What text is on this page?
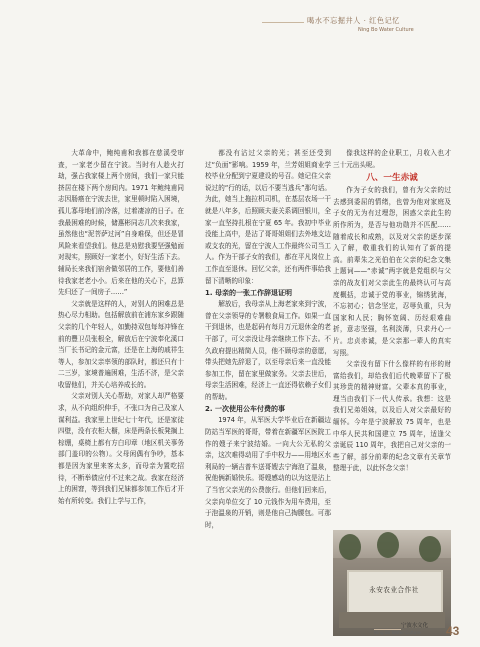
喝水不忘掘井人 · 红色记忆
Ning Bo Water Culture

大革命中，鲍纯甫和我都在慈溪受审查，一家老少留在宁波。当时有人趁火打劫，强占我家楼上两个房间，我们一家只能挤居在楼下两个房间内。1971 年鲍纯甫同志因肠癌在宁波去世，家里顿时陷入困境，孤儿寡母地们前冷落，过着凄凉的日子。在我最困难的时候，储惠彬同志几次来我家，虽然他也“泥菩萨过河”自身难保，但还是冒风险来看望我们。他总是劝慰我要坚强勉面对现实，照顾好一家老小，好好生活下去。辅局长来我们宿舍做邻居的工作，要他们善待我家老老小小。后来在他的关心下，总算先归还了一间房子……”

父亲就是这样的人，对别人的困难总是热心尽力相助。包括解放前在浦东家乡跟随父亲的几个年轻人，如勤持双包每每冲锋在前的豐卫员张根全，解放后在宁波奉化溪口当厂长书记的金元富，还是在上海的戚祥生等人，参加父亲率领的部队时，都还只有十二三岁，家境普遍困难，生活不济，是父亲收留他们，并关心培养成长的。

父亲对别人关心帮助，对家人却严格要求，从不向组织伸手，不张口为自己及家人谋利益。我家里上世纪七十年代，还是家徒四壁，没有衣柜大橱，床是两条长板凳搁上棕绷，桌椅上都有方白印章（地区机关事务部门盖印的公物）。父母闲偶有争吵，基本都是因为家里来客太多，而母亲为置吃招待，不断举债应付不过来之故。我家在经济上的困窘，等到我们兄妹都参加工作后才开始有所转变。我们上学与工作，

都没有沾过父亲的光；甚至还受到过“负面”影响。1959 年，兰芳姐姐商业学校毕业分配到宁夏建设的号召。她记住父亲说过的“行的话，以后不要当逃兵”那句话。为此，她当上拖拉机司机，在基层农场一干就是八年多，后照顾夫妻关系调回银川，全家一直坚持扎根在宁夏 65 年。我初中毕业没能上高中，是沾了哥哥姐姐们去外地支边或支农的光，留在宁波人工作最终公司当工人。作为干部子女的我们，都在平凡岗位上工作直至退休。回忆父亲，还有两件事给我留下清晰的印象：

1. 母亲的一张工作辞退证明

解放后，我母亲从上海老家来到宁波，曾在父亲领导的专署粮食局工作。如果一直干到退休，也是起码有每月万元退休金的老干部了，可父亲没让母亲继续工作下去。不久政府提出精简人员，他不顾母亲的意愿，带头把她先辞退了，以至母亲后来一直没能参加工作，留在家里做家务。父亲去世后，母亲生活困难，经济上一直还得依赖子女们的帮助。

2. 一次使用公车付费的事

1974 年，从军医大学毕业后在新疆边防站当军医的哥哥，带着在新疆军区医院工作的嫂子来宁波结婚。一向大公无私的父亲，这次难得动用了手中权力——用地区水利局的一辆吉普车送哥嫂去宁海泡了温泉，祝他俩新婚快乐。哥嫂感动的以为这是沾上了当官父亲光的公费旅行。但他们回来后，父亲向单位交了 10 元钱作为用车费用，至于泡温泉的开销，则是他自己掏腰包。可那时，

像我这样的企业职工，月收入也才三十元出头呢。

八、一生赤诚

作为子女的我们，曾有为父亲的过去感到委屈的情绪，也曾为他对家庭及子女的无为有过埋怨，困惑父亲此生的所作所为，是否与他功勋并不匹配……随着成长和成熟，以及对父亲的逐步深入了解，敬重我们的认知有了新的提高。前辈朱之光伯伯在父亲的纪念文集上题词——“赤诚”两字就是党组织与父亲的战友们对父亲此生的最终认可与高度概括，忠诚于党的事业，锦绣犹海，不忘初心；信念坚定，忍辱负重，只为国家和人民；胸怀宽阔、历经艰难曲折，意志坚强，名利淡薄，只求丹心一片。忠贞赤诚，是父亲那一辈人的真实写照。

父亲没有留下什么像样的有形的财富给我们，却给我们后代晚辈留下了极其珍贵的精神财富。父辈本真的事业，理当由我们下一代人传承。我想：这是我们兄弟姐妹，以及后人对父亲最好的缅怀。今年是宁波解放 75 周年，也是中华人民共和国建立 75 周年，适逢父亲诞辰 110 周年，我把自己对父亲的一些了解，部分前辈的纪念文章有关章节整理于此，以此怀念父亲！

永安农业合作社
宁波水文化
Ning Bo Water Culture 43
